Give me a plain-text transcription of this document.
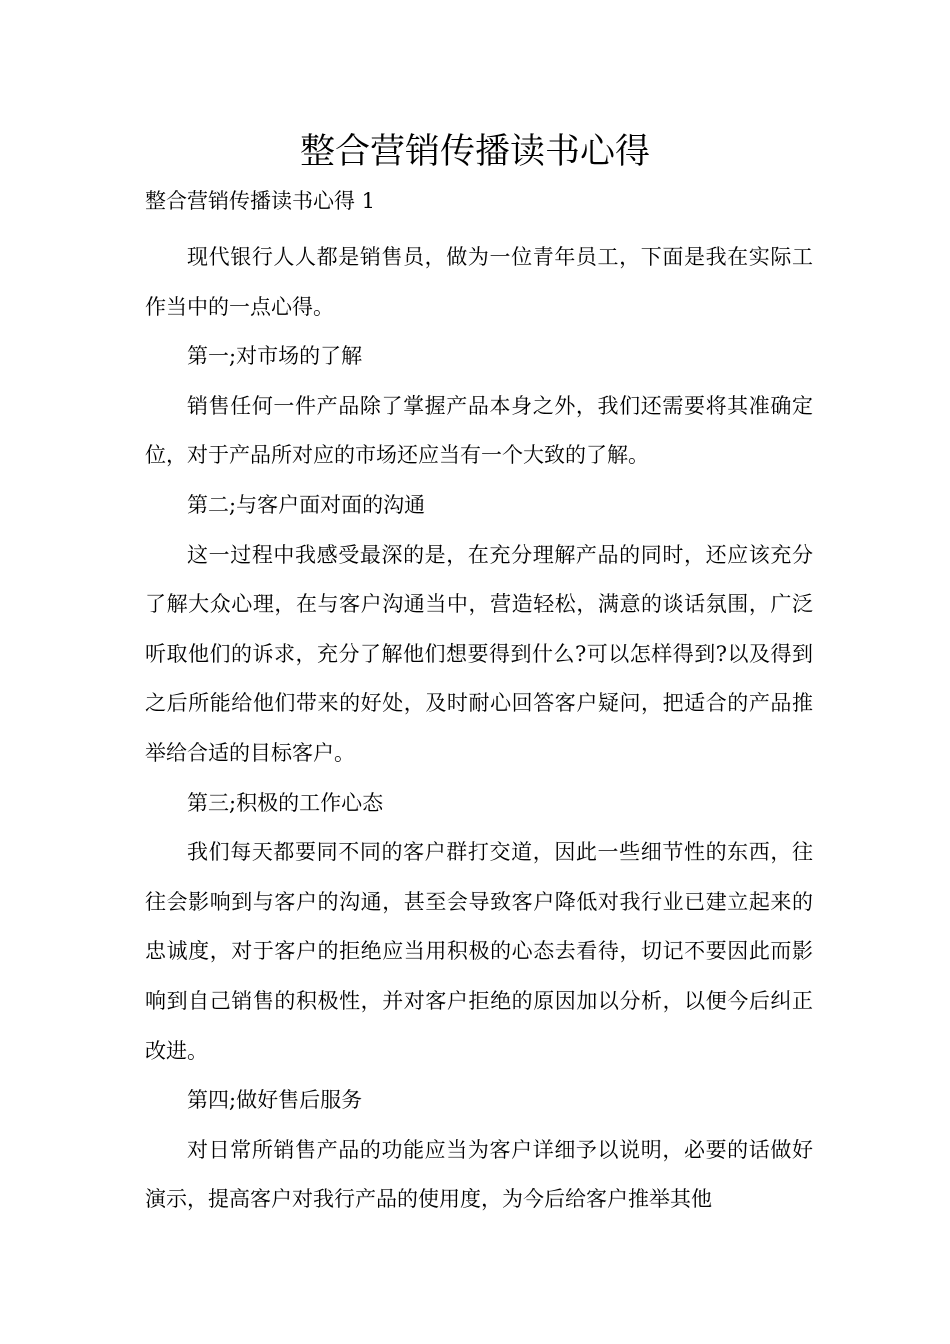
整合营销传播读书心得
整合营销传播读书心得 1

现代银行人人都是销售员，做为一位青年员工，下面是我在实际工作当中的一点心得。

第一;对市场的了解

销售任何一件产品除了掌握产品本身之外，我们还需要将其准确定位，对于产品所对应的市场还应当有一个大致的了解。

第二;与客户面对面的沟通

这一过程中我感受最深的是，在充分理解产品的同时，还应该充分了解大众心理，在与客户沟通当中，营造轻松，满意的谈话氛围，广泛听取他们的诉求，充分了解他们想要得到什么?可以怎样得到?以及得到之后所能给他们带来的好处，及时耐心回答客户疑问，把适合的产品推举给合适的目标客户。

第三;积极的工作心态

我们每天都要同不同的客户群打交道，因此一些细节性的东西，往往会影响到与客户的沟通，甚至会导致客户降低对我行业已建立起来的忠诚度，对于客户的拒绝应当用积极的心态去看待，切记不要因此而影响到自己销售的积极性，并对客户拒绝的原因加以分析，以便今后纠正改进。

第四;做好售后服务

对日常所销售产品的功能应当为客户详细予以说明，必要的话做好演示，提高客户对我行产品的使用度，为今后给客户推举其他
